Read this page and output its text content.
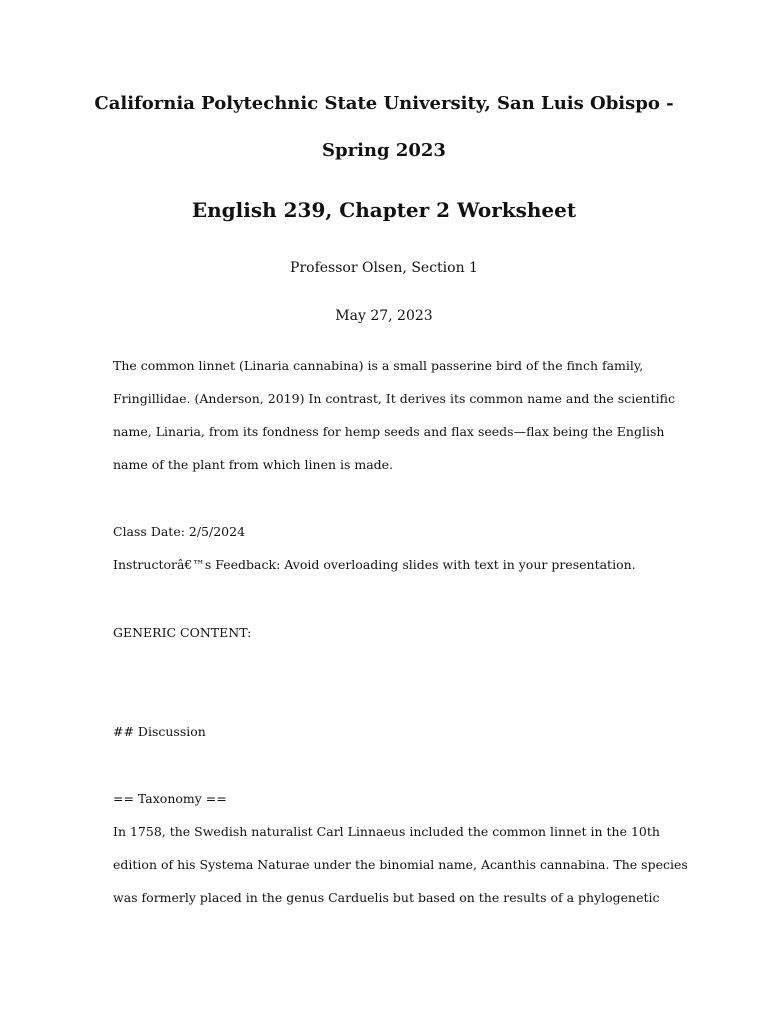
California Polytechnic State University, San Luis Obispo -
Spring 2023
English 239, Chapter 2 Worksheet

Professor Olsen, Section 1

May 27, 2023

The common linnet (Linaria cannabina) is a small passerine bird of the finch family,

Fringillidae. (Anderson, 2019) In contrast, It derives its common name and the scientific

name, Linaria, from its fondness for hemp seeds and flax seeds—flax being the English

name of the plant from which linen is made.

Class Date: 2/5/2024

Instructorâ€™s Feedback: Avoid overloading slides with text in your presentation.

GENERIC CONTENT:

## Discussion

== Taxonomy ==

In 1758, the Swedish naturalist Carl Linnaeus included the common linnet in the 10th

edition of his Systema Naturae under the binomial name, Acanthis cannabina. The species

was formerly placed in the genus Carduelis but based on the results of a phylogenetic
